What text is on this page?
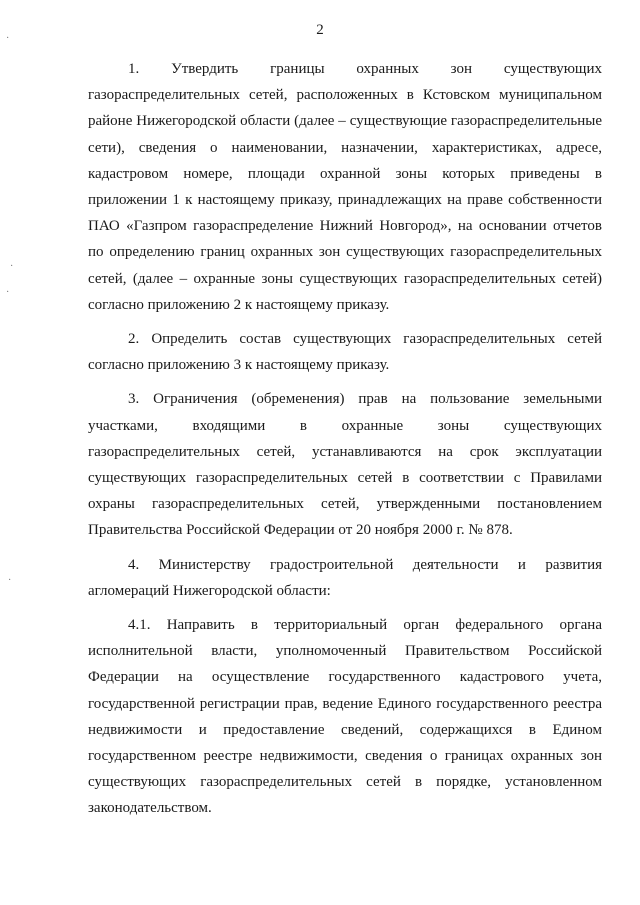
2
·
·
·
·

1. Утвердить границы охранных зон существующих газораспределительных сетей, расположенных в Кстовском муниципальном районе Нижегородской области (далее – существующие газораспределительные сети), сведения о наименовании, назначении, характеристиках, адресе, кадастровом номере, площади охранной зоны которых приведены в приложении 1 к настоящему приказу, принадлежащих на праве собственности ПАО «Газпром газораспределение Нижний Новгород», на основании отчетов по определению границ охранных зон существующих газораспределительных сетей, (далее – охранные зоны существующих газораспределительных сетей) согласно приложению 2 к настоящему приказу.

2. Определить состав существующих газораспределительных сетей согласно приложению 3 к настоящему приказу.

3. Ограничения (обременения) прав на пользование земельными участками, входящими в охранные зоны существующих газораспределительных сетей, устанавливаются на срок эксплуатации существующих газораспределительных сетей в соответствии с Правилами охраны газораспределительных сетей, утвержденными постановлением Правительства Российской Федерации от 20 ноября 2000 г. № 878.

4. Министерству градостроительной деятельности и развития агломераций Нижегородской области:

4.1. Направить в территориальный орган федерального органа исполнительной власти, уполномоченный Правительством Российской Федерации на осуществление государственного кадастрового учета, государственной регистрации прав, ведение Единого государственного реестра недвижимости и предоставление сведений, содержащихся в Едином государственном реестре недвижимости, сведения о границах охранных зон существующих газораспределительных сетей в порядке, установленном законодательством.
